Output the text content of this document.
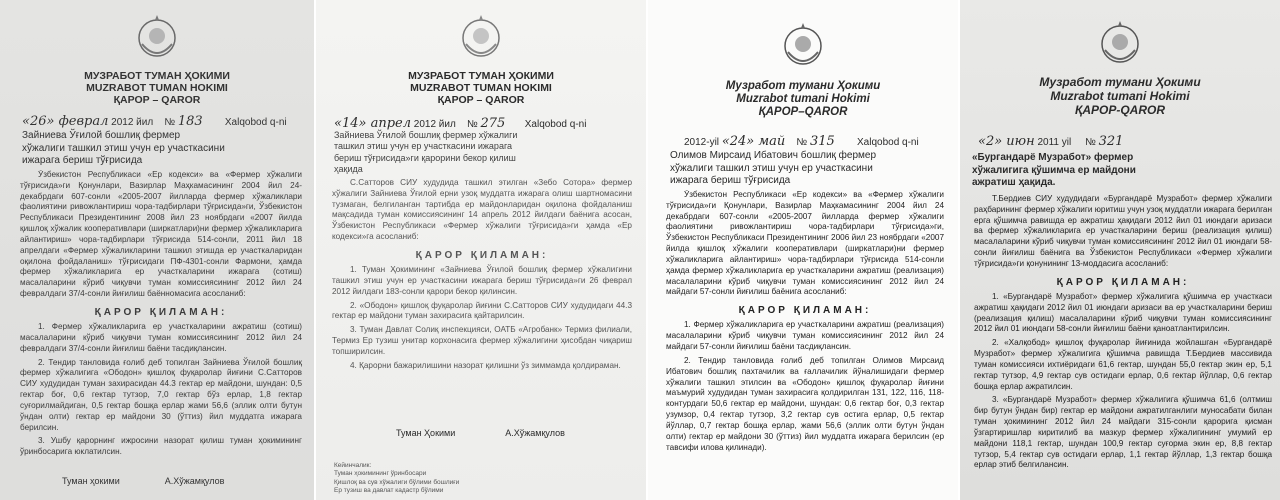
МУЗРАБОТ ТУМАН ҲОКИМИ
MUZRABOT TUMAN HOKIMI
ҚАРОР – QAROR
«26» феврал 2012 йил № 183 Xalqobod q-ni
Зайниева Ўғилой бошлиқ фермер
хўжалиги ташкил этиш учун ер участкасини
ижарага бериш тўғрисида

Ўзбекистон Республикаси «Ер кодекси» ва «Фермер хўжалиги тўғрисида»ги Қонунлари, Вазирлар Маҳкамасининг 2004 йил 24-декабрдаги 607-сонли «2005-2007 йилларда фермер хўжаликлари фаолиятини ривожлантириш чора-тадбирлари тўғрисида»ги, Ўзбекистон Республикаси Президентининг 2008 йил 23 ноябрдаги «2007 йилда қишлоқ хўжалик кооперативлари (ширкатлари)ни фермер хўжаликларига айлантириш» чора-тадбирлари тўғрисида 514-сонли, 2011 йил 18 апрелдаги «Фермер хўжаликларини ташкил этишда ер участкаларидан оқилона фойдаланиш» тўғрисидаги ПФ-4301-сонли Фармони, ҳамда фермер хўжаликларига ер участкаларини ижарага (сотиш) масалаларини кўриб чиқувчи туман комиссиясининг 2012 йил 24 февралдаги 37/4-сонли йиғилиш баённомасига асосланиб:

ҚАРОР ҚИЛАМАН:

1. Фермер хўжаликларига ер участкаларини ажратиш (сотиш) масалаларини кўриб чиқувчи туман комиссиясининг 2012 йил 24 февралдаги 37/4-сонли йиғилиш баёни тасдиқлансин.

2. Тендир танловида ғолиб деб топилган Зайниева Ўғилой бошлиқ фермер хўжалигига «Ободон» қишлоқ фуқаролар йиғини С.Сатторов СИУ худудидан туман захирасидан 44.3 гектар ер майдони, шундан: 0,5 гектар боғ, 0,6 гектар тутзор, 7,0 гектар бўз ерлар, 1,8 гектар суғорилмайдиган, 0,5 гектар бошқа ерлар жами 56,6 (эллик олти бутун ўндан олти) гектар ер майдони 30 (ўттиз) йил муддатга ижарага берилсин.

3. Ушбу қарорнинг ижросини назорат қилиш туман ҳокимининг ўринбосарига юклатилсин.

Туман ҳокими	А.Хўжамқулов
МУЗРАБОТ ТУМАН ҲОКИМИ
MUZRABOT TUMAN HOKIMI
ҚАРОР – QAROR
«14» апрел 2012 йил № 275 Xalqobod q-ni
Зайниева Ўғилой бошлиқ фермер хўжалиги
ташкил этиш учун ер участкасини ижарага
бериш тўғрисида»ги қарорини бекор қилиш
ҳақида

С.Сатторов СИУ худудида ташкил этилган «Зебо Сотора» фермер хўжалиги Зайниева Ўғилой ерни узоқ муддатга ижарага олиш шартномасини тузмаган, белгиланган тартибда ер майдонларидан оқилона фойдаланиш мақсадида туман комиссиясининг 14 апрель 2012 йилдаги баёнига асосан, Ўзбекистон Республикаси «Фермер хўжалиги тўғрисида»ги ҳамда «Ер кодекси»га асосланиб:

ҚАРОР ҚИЛАМАН:

1. Туман Ҳокимининг «Зайниева Ўғилой бошлиқ фермер хўжалигини ташкил этиш учун ер участкасини ижарага бериш тўғрисида»ги 26 феврал 2012 йилдаги 183-сонли қарори бекор қилинсин.

2. «Ободон» қишлоқ фуқаролар йиғини С.Сатторов СИУ худудидаги 44.3 гектар ер майдони туман захирасига қайтарилсин.

3. Туман Давлат Солиқ инспекцияси, ОАТБ «Агробанк» Термиз филиали, Термиз Ер тузиш унитар корхонасига фермер хўжалигини ҳисобдан чиқариш топширилсин.

4. Қарорни бажарилишини назорат қилишни ўз зиммамда қолдираман.

Туман Ҳокими	А.Хўжамқулов
Кейинчалик:
Туман ҳокимининг ўринбосари
Қишлоқ ва сув хўжалиги бўлими бошлиғи
Ер тузиш ва давлат кадастр бўлими
Музработ тумани Ҳокими
Muzrabot tumani Hokimi
ҚАРОР–QAROR
2012-yil «24» май № 315 Xalqobod q-ni
Олимов Мирсаид Ибатович бошлиқ фермер
хўжалиги ташкил этиш учун ер участкасини
ижарага бериш тўғрисида

Ўзбекистон Республикаси «Ер кодекси» ва «Фермер хўжалиги тўғрисида»ги Қонунлари, Вазирлар Маҳкамасининг 2004 йил 24 декабрдаги 607-сонли «2005-2007 йилларда фермер хўжалиги фаолиятини ривожлантириш чора-тадбирлари тўғрисида»ги, Ўзбекистон Республикаси Президентининг 2006 йил 23 ноябрдаги «2007 йилда қишлоқ хўжалиги кооперативлари (ширкатлари)ни фермер хўжаликларига айлантириш» чора-тадбирлари тўғрисида 514-сонли ҳамда фермер хўжаликларига ер участкаларини ажратиш (реализация) масалаларини кўриб чиқувчи туман комиссиясининг 2012 йил 24 майдаги 57-сонли йиғилиш баёнига асосланиб:

ҚАРОР ҚИЛАМАН:

1. Фермер хўжаликларига ер участкаларини ажратиш (реализация) масалаларини кўриб чиқувчи туман комиссиясининг 2012 йил 24 майдаги 57-сонли йиғилиш баёни тасдиқлансин.

2. Тендир танловида ғолиб деб топилган Олимов Мирсаид Ибатович бошлиқ пахтачилик ва ғаллачилик йўналишидаги фермер хўжалиги ташкил этилсин ва «Ободон» қишлоқ фуқаролар йиғини маъмурий худудидан туман захирасига қолдирилган 131, 122, 116, 118-контурдаги 50,6 гектар ер майдони, шундан: 0,6 гектар боғ, 0,3 гектар узумзор, 0,4 гектар тутзор, 3,2 гектар сув остига ерлар, 0,5 гектар йўллар, 0,7 гектар бошқа ерлар, жами 56,6 (эллик олти бутун ўндан олти) гектар ер майдони 30 (ўттиз) йил муддатга ижарага берилсин (ер тавсифи илова қилинади).

Музработ тумани Ҳокими
Muzrabot tumani Hokimi
ҚАРОР-QAROR
«2» июн 2011 yil № 321
«Бургандарё Музработ» фермер
хўжалигига қўшимча ер майдони
ажратиш ҳақида.

Т.Бердиев СИУ худудидаги «Бургандарё Музработ» фермер хўжалиги раҳбарининг фермер хўжалиги юритиш учун узоқ муддатли ижарага берилган ерга қўшимча равишда ер ажратиш ҳақидаги 2012 йил 01 июндаги аризаси ва фермер хўжаликларига ер участкаларини бериш (реализация қилиш) масалаларини кўриб чиқувчи туман комиссиясининг 2012 йил 01 июндаги 58-сонли йиғилиш баёнига ва Ўзбекистон Республикаси «Фермер хўжалиги тўғрисида»ги қонунининг 13-моддасига асосланиб:

ҚАРОР ҚИЛАМАН:

1. «Бургандарё Музработ» фермер хўжалигига қўшимча ер участкаси ажратиш ҳақидаги 2012 йил 01 июндаги аризаси ва ер участкаларини бериш (реализация қилиш) масалаларини кўриб чиқувчи туман комиссиясининг 2012 йил 01 июндаги 58-сонли йиғилиш баёни қаноатлантирилсин.

2. «Халқобод» қишлоқ фуқаролар йиғинида жойлашган «Бургандарё Музработ» фермер хўжалигига қўшимча равишда Т.Бердиев массивида туман комиссияси ихтиёридаги 61,6 гектар, шундан 55,0 гектар экин ер, 5,1 гектар тутзор, 4,9 гектар сув остидаги ерлар, 0,6 гектар йўллар, 0,6 гектар бошқа ерлар ажратилсин.

3. «Бургандарё Музработ» фермер хўжалигига қўшимча 61,6 (олтмиш бир бутун ўндан бир) гектар ер майдони ажратилганлиги муносабати билан туман ҳокимининг 2012 йил 24 майдаги 315-сонли қарорига қисман ўзгартиришлар киритилиб ва мазкур фермер хўжалигининг умумий ер майдони 118,1 гектар, шундан 100,9 гектар суғорма экин ер, 8,8 гектар тутзор, 5,4 гектар сув остидаги ерлар, 1,1 гектар йўллар, 1,3 гектар бошқа ерлар этиб белгилансин.
